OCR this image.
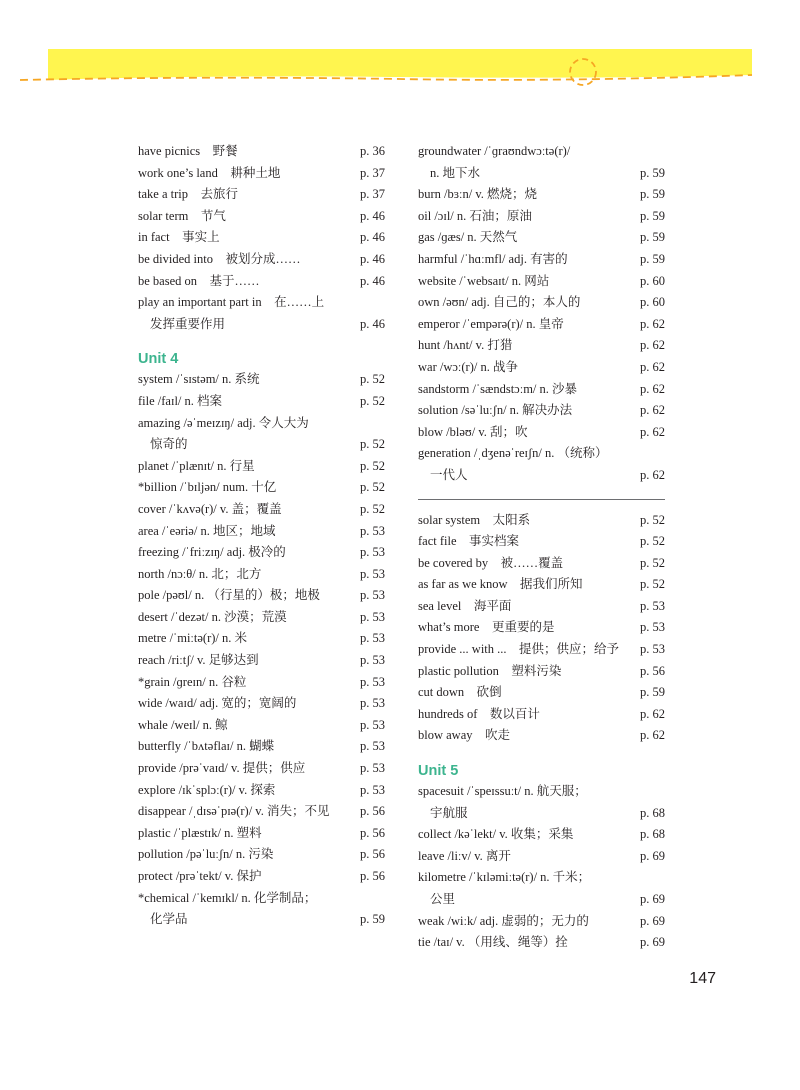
have picnics　野餐	p. 36
work one’s land　耕种土地	p. 37
take a trip　去旅行	p. 37
solar term　节气	p. 46
in fact　事实上	p. 46
be divided into　被划分成……	p. 46
be based on　基于……	p. 46
play an important part in　在……上
发挥重要作用	p. 46
Unit 4
system /ˈsɪstəm/ n. 系统	p. 52
file /faɪl/ n. 档案	p. 52
amazing /əˈmeɪzɪŋ/ adj. 令人大为
惊奇的	p. 52
planet /ˈplænɪt/ n. 行星	p. 52
*billion /ˈbɪljən/ num. 十亿	p. 52
cover /ˈkʌvə(r)/ v. 盖；覆盖	p. 52
area /ˈeəriə/ n. 地区；地域	p. 53
freezing /ˈfriːzɪŋ/ adj. 极冷的	p. 53
north /nɔːθ/ n. 北；北方	p. 53
pole /pəʊl/ n. （行星的）极；地极	p. 53
desert /ˈdezət/ n. 沙漠；荒漠	p. 53
metre /ˈmiːtə(r)/ n. 米	p. 53
reach /riːtʃ/ v. 足够达到	p. 53
*grain /ɡreɪn/ n. 谷粒	p. 53
wide /waɪd/ adj. 宽的；宽阔的	p. 53
whale /weɪl/ n. 鲸	p. 53
butterfly /ˈbʌtəflaɪ/ n. 蝴蝶	p. 53
provide /prəˈvaɪd/ v. 提供；供应	p. 53
explore /ɪkˈsplɔː(r)/ v. 探索	p. 53
disappear /ˌdɪsəˈpɪə(r)/ v. 消失；不见 p. 56
plastic /ˈplæstɪk/ n. 塑料	p. 56
pollution /pəˈluːʃn/ n. 污染	p. 56
protect /prəˈtekt/ v. 保护	p. 56
*chemical /ˈkemɪkl/ n. 化学制品；
化学品	p. 59
groundwater /ˈɡraʊndwɔːtə(r)/
n. 地下水	p. 59
burn /bɜːn/ v. 燃烧；烧	p. 59
oil /ɔɪl/ n. 石油；原油	p. 59
gas /ɡæs/ n. 天然气	p. 59
harmful /ˈhɑːmfl/ adj. 有害的	p. 59
website /ˈwebsaɪt/ n. 网站	p. 60
own /əʊn/ adj. 自己的；本人的	p. 60
emperor /ˈempərə(r)/ n. 皇帝	p. 62
hunt /hʌnt/ v. 打猎	p. 62
war /wɔː(r)/ n. 战争	p. 62
sandstorm /ˈsændstɔːm/ n. 沙暴	p. 62
solution /səˈluːʃn/ n. 解决办法	p. 62
blow /bləʊ/ v. 刮；吹	p. 62
generation /ˌdʒenəˈreɪʃn/ n. （统称）
一代人	p. 62
solar system　太阳系	p. 52
fact file　事实档案	p. 52
be covered by　被……覆盖	p. 52
as far as we know　据我们所知	p. 52
sea level　海平面	p. 53
what’s more　更重要的是	p. 53
provide ... with ...　提供；供应；给予 p. 53
plastic pollution　塑料污染	p. 56
cut down　砍倒	p. 59
hundreds of　数以百计	p. 62
blow away　吹走	p. 62
Unit 5
spacesuit /ˈspeɪssuːt/ n. 航天服；
宇航服	p. 68
collect /kəˈlekt/ v. 收集；采集	p. 68
leave /liːv/ v. 离开	p. 69
kilometre /ˈkɪləmiːtə(r)/ n. 千米；
公里	p. 69
weak /wiːk/ adj. 虚弱的；无力的	p. 69
tie /taɪ/ v. （用线、绳等）拴	p. 69
147
